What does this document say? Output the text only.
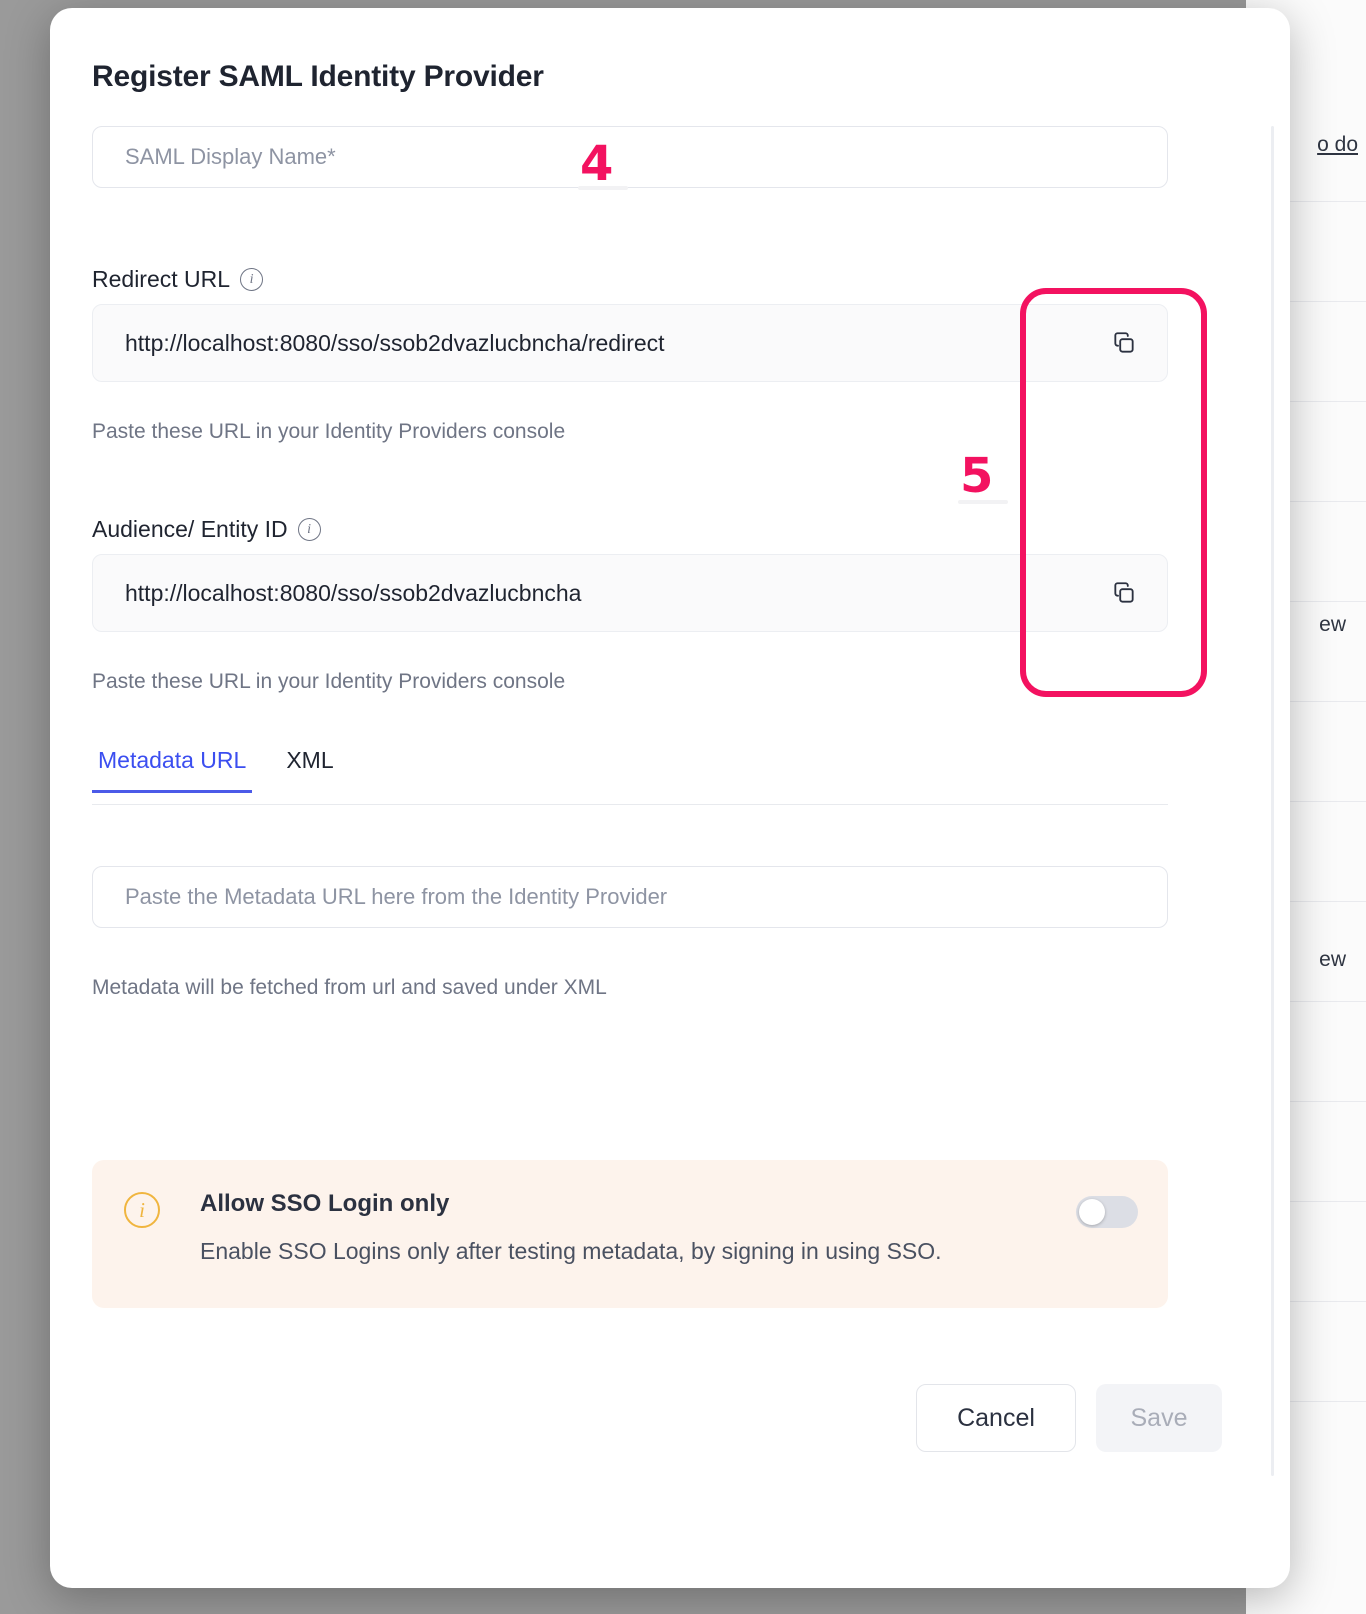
o do
ew
ew
Register SAML Identity Provider
SAML Display Name*
Redirect URL	i
http://localhost:8080/sso/ssob2dvazlucbncha/redirect
Paste these URL in your Identity Providers console
Audience/ Entity ID	i
http://localhost:8080/sso/ssob2dvazlucbncha
Paste these URL in your Identity Providers console
Metadata URL XML
Paste the Metadata URL here from the Identity Provider
Metadata will be fetched from url and saved under XML
i	Allow SSO Login only
Enable SSO Logins only after testing metadata, by signing in using SSO.
Cancel	Save
4
5
